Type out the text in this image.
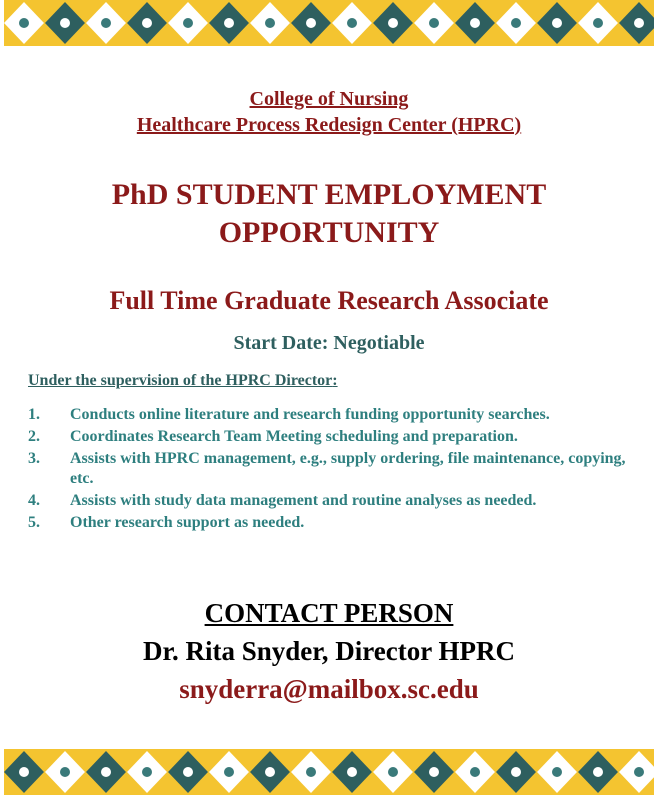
College of Nursing
Healthcare Process Redesign Center (HPRC)
PhD STUDENT EMPLOYMENT
OPPORTUNITY
Full Time Graduate Research Associate
Start Date: Negotiable
Under the supervision of the HPRC Director:
1. Conducts online literature and research funding opportunity searches.
2. Coordinates Research Team Meeting scheduling and preparation.
3. Assists with HPRC management, e.g., supply ordering, file maintenance, copying, etc.
4. Assists with study data management and routine analyses as needed.
5. Other research support as needed.
CONTACT PERSON
Dr. Rita Snyder, Director HPRC
snyderra@mailbox.sc.edu
